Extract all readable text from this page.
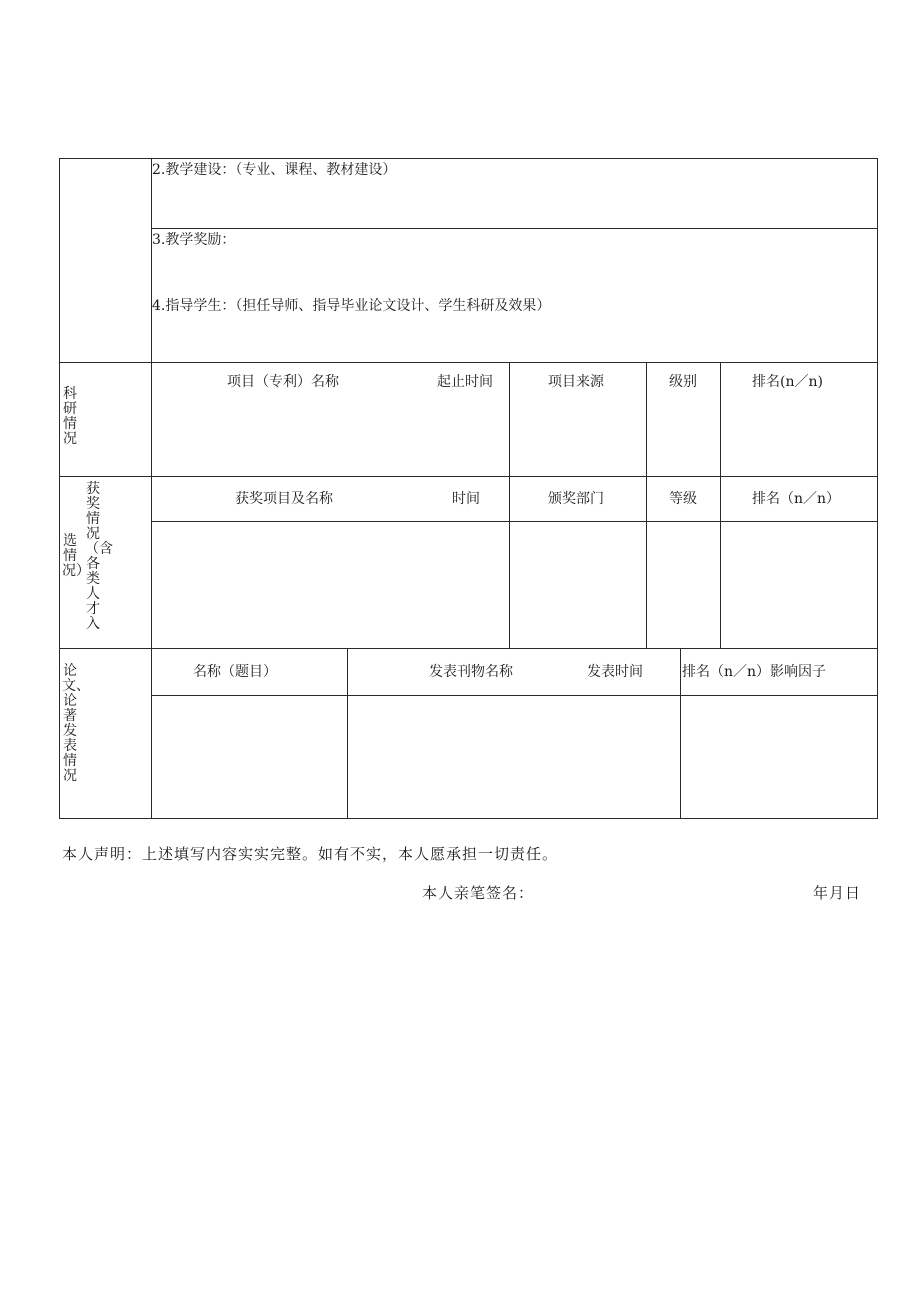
2.教学建设：（专业、课程、教材建设）
3.教学奖励：
4.指导学生：（担任导师、指导毕业论文设计、学生科研及效果）
科研情况
项目（专利）名称	起止时间	项目来源	级别	排名(n／n)
获奖情况（含各类人才入
选情况）
获奖项目及名称	时间	颁奖部门	等级	排名（n／n）
论文、论著发表情况
名称（题目）	发表刊物名称	发表时间	排名（n／n）影响因子
本人声明：上述填写内容实实完整。如有不实，本人愿承担一切责任。
本人亲笔签名：	年月日
